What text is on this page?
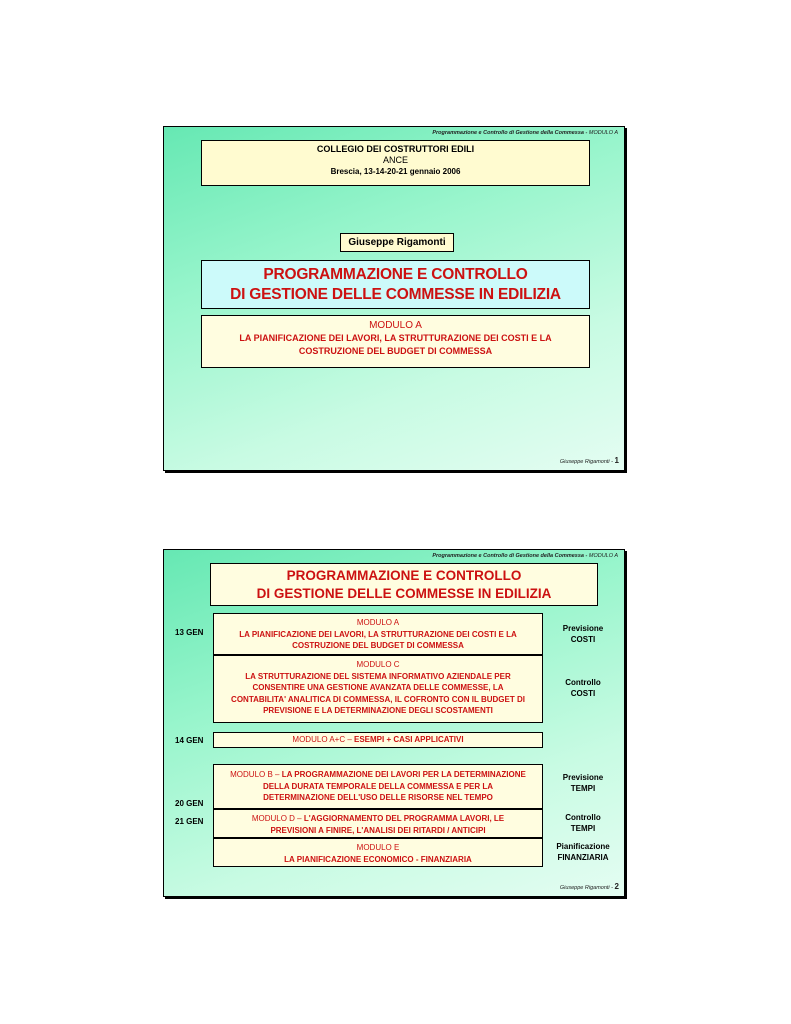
Programmazione e Controllo di Gestione della Commessa - MODULO A
COLLEGIO DEI COSTRUTTORI EDILI
ANCE
Brescia, 13-14-20-21 gennaio 2006
Giuseppe Rigamonti
PROGRAMMAZIONE E CONTROLLO
DI GESTIONE DELLE COMMESSE IN EDILIZIA
MODULO A
LA PIANIFICAZIONE DEI LAVORI, LA STRUTTURAZIONE DEI COSTI E LA
COSTRUZIONE DEL BUDGET DI COMMESSA
Giuseppe Rigamonti - 1
Programmazione e Controllo di Gestione della Commessa - MODULO A
PROGRAMMAZIONE E CONTROLLO
DI GESTIONE DELLE COMMESSE IN EDILIZIA
13 GEN
14 GEN
20 GEN
21 GEN
MODULO A
LA PIANIFICAZIONE DEI LAVORI, LA STRUTTURAZIONE DEI COSTI E LA
COSTRUZIONE DEL BUDGET DI COMMESSA
MODULO C
LA STRUTTURAZIONE DEL SISTEMA INFORMATIVO AZIENDALE PER
CONSENTIRE UNA GESTIONE AVANZATA DELLE COMMESSE, LA
CONTABILITA' ANALITICA DI COMMESSA, IL COFRONTO CON IL BUDGET DI
PREVISIONE E LA DETERMINAZIONE DEGLI SCOSTAMENTI
MODULO A+C – ESEMPI + CASI APPLICATIVI
MODULO B – LA PROGRAMMAZIONE DEI LAVORI PER LA DETERMINAZIONE
DELLA DURATA TEMPORALE DELLA COMMESSA E PER LA
DETERMINAZIONE DELL'USO DELLE RISORSE NEL TEMPO
MODULO D – L'AGGIORNAMENTO DEL PROGRAMMA LAVORI, LE
PREVISIONI A FINIRE, L'ANALISI DEI RITARDI / ANTICIPI
MODULO E
LA PIANIFICAZIONE ECONOMICO - FINANZIARIA
Previsione
COSTI
Controllo
COSTI
Previsione
TEMPI
Controllo
TEMPI
Pianificazione
FINANZIARIA
Giuseppe Rigamonti - 2
